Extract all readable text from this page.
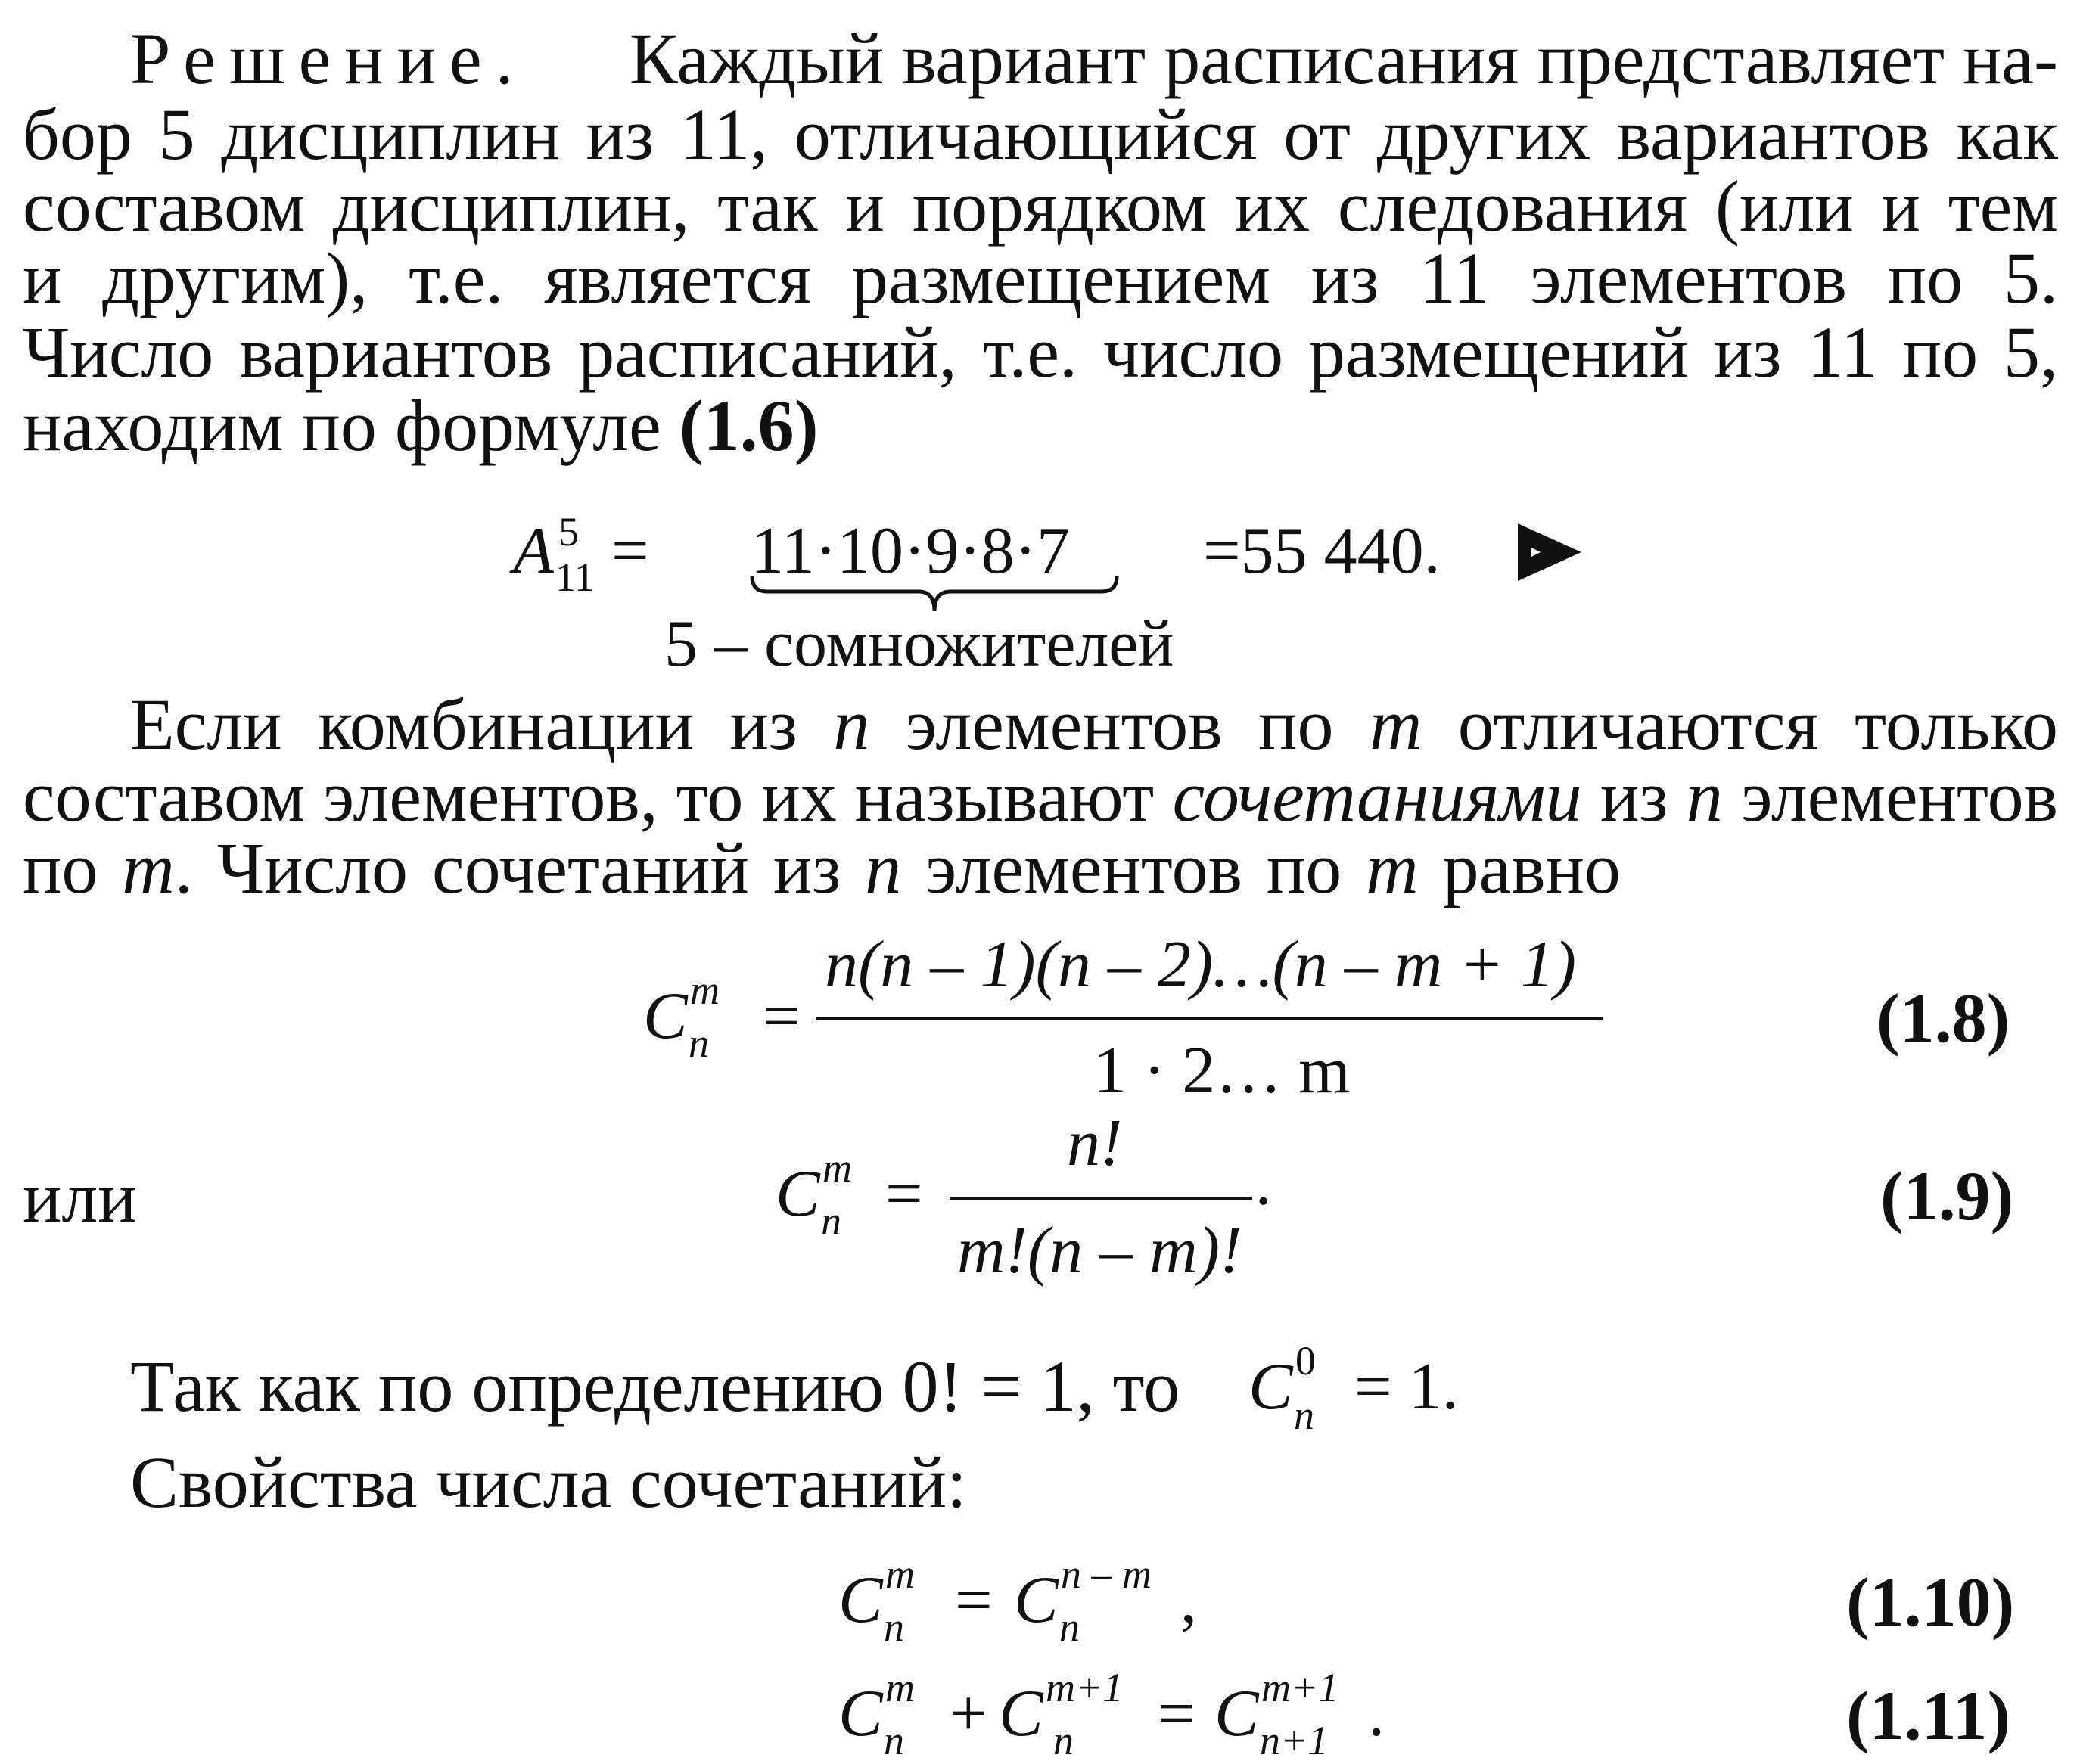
Решение. Каждый вариант расписания представляет на-
бор 5 дисциплин из 11, отличающийся от других вариантов как
составом дисциплин, так и порядком их следования (или и тем
и другим), т.е. является размещением из 11 элементов по 5.
Число вариантов расписаний, т.е. число размещений из 11 по 5,
находим по формуле (1.6)
A 5
11 = 11·10·9·8·7 =55 440.
5 – сомножителей
Если комбинации из n элементов по m отличаются только
составом элементов, то их называют сочетаниями из n элементов
по m. Число сочетаний из n элементов по m равно
C m
n =
n(n – 1)(n – 2)…(n – m + 1)
1 · 2… m
(1.8)
или	C m
n =
n!
m!(n – m)!
·	(1.9)
Так как по определению 0! = 1, то C 0
n = 1.
Свойства числа сочетаний:
C m
n = C n – m
n ,	(1.10)
C m
n + C m+1
n = C m+1
n+1 .	(1.11)
